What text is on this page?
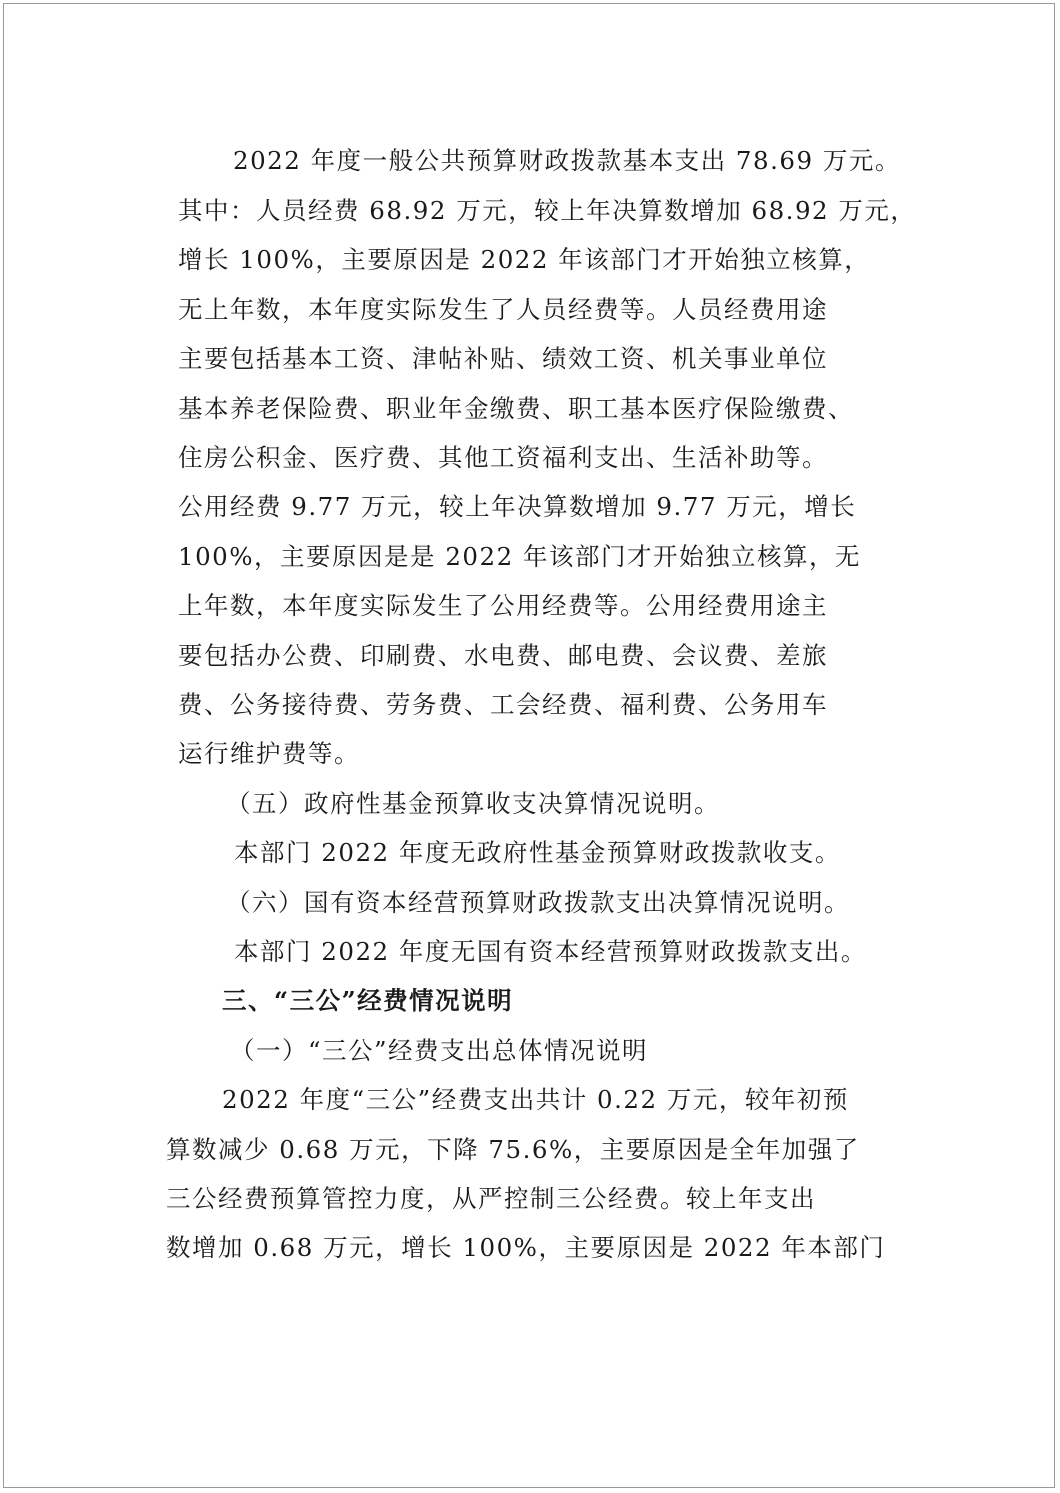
2022 年度一般公共预算财政拨款基本支出 78.69 万元。
其中：人员经费 68.92 万元，较上年决算数增加 68.92 万元，
增长 100%，主要原因是 2022 年该部门才开始独立核算，
无上年数，本年度实际发生了人员经费等。人员经费用途
主要包括基本工资、津帖补贴、绩效工资、机关事业单位
基本养老保险费、职业年金缴费、职工基本医疗保险缴费、
住房公积金、医疗费、其他工资福利支出、生活补助等。
公用经费 9.77 万元，较上年决算数增加 9.77 万元，增长
100%，主要原因是是 2022 年该部门才开始独立核算，无
上年数，本年度实际发生了公用经费等。公用经费用途主
要包括办公费、印刷费、水电费、邮电费、会议费、差旅
费、公务接待费、劳务费、工会经费、福利费、公务用车
运行维护费等。
（五）政府性基金预算收支决算情况说明。
本部门 2022 年度无政府性基金预算财政拨款收支。
（六）国有资本经营预算财政拨款支出决算情况说明。
本部门 2022 年度无国有资本经营预算财政拨款支出。
三、“三公”经费情况说明
（一）“三公”经费支出总体情况说明
2022 年度“三公”经费支出共计 0.22 万元，较年初预
算数减少 0.68 万元，下降 75.6%，主要原因是全年加强了
三公经费预算管控力度，从严控制三公经费。较上年支出
数增加 0.68 万元，增长 100%，主要原因是 2022 年本部门
